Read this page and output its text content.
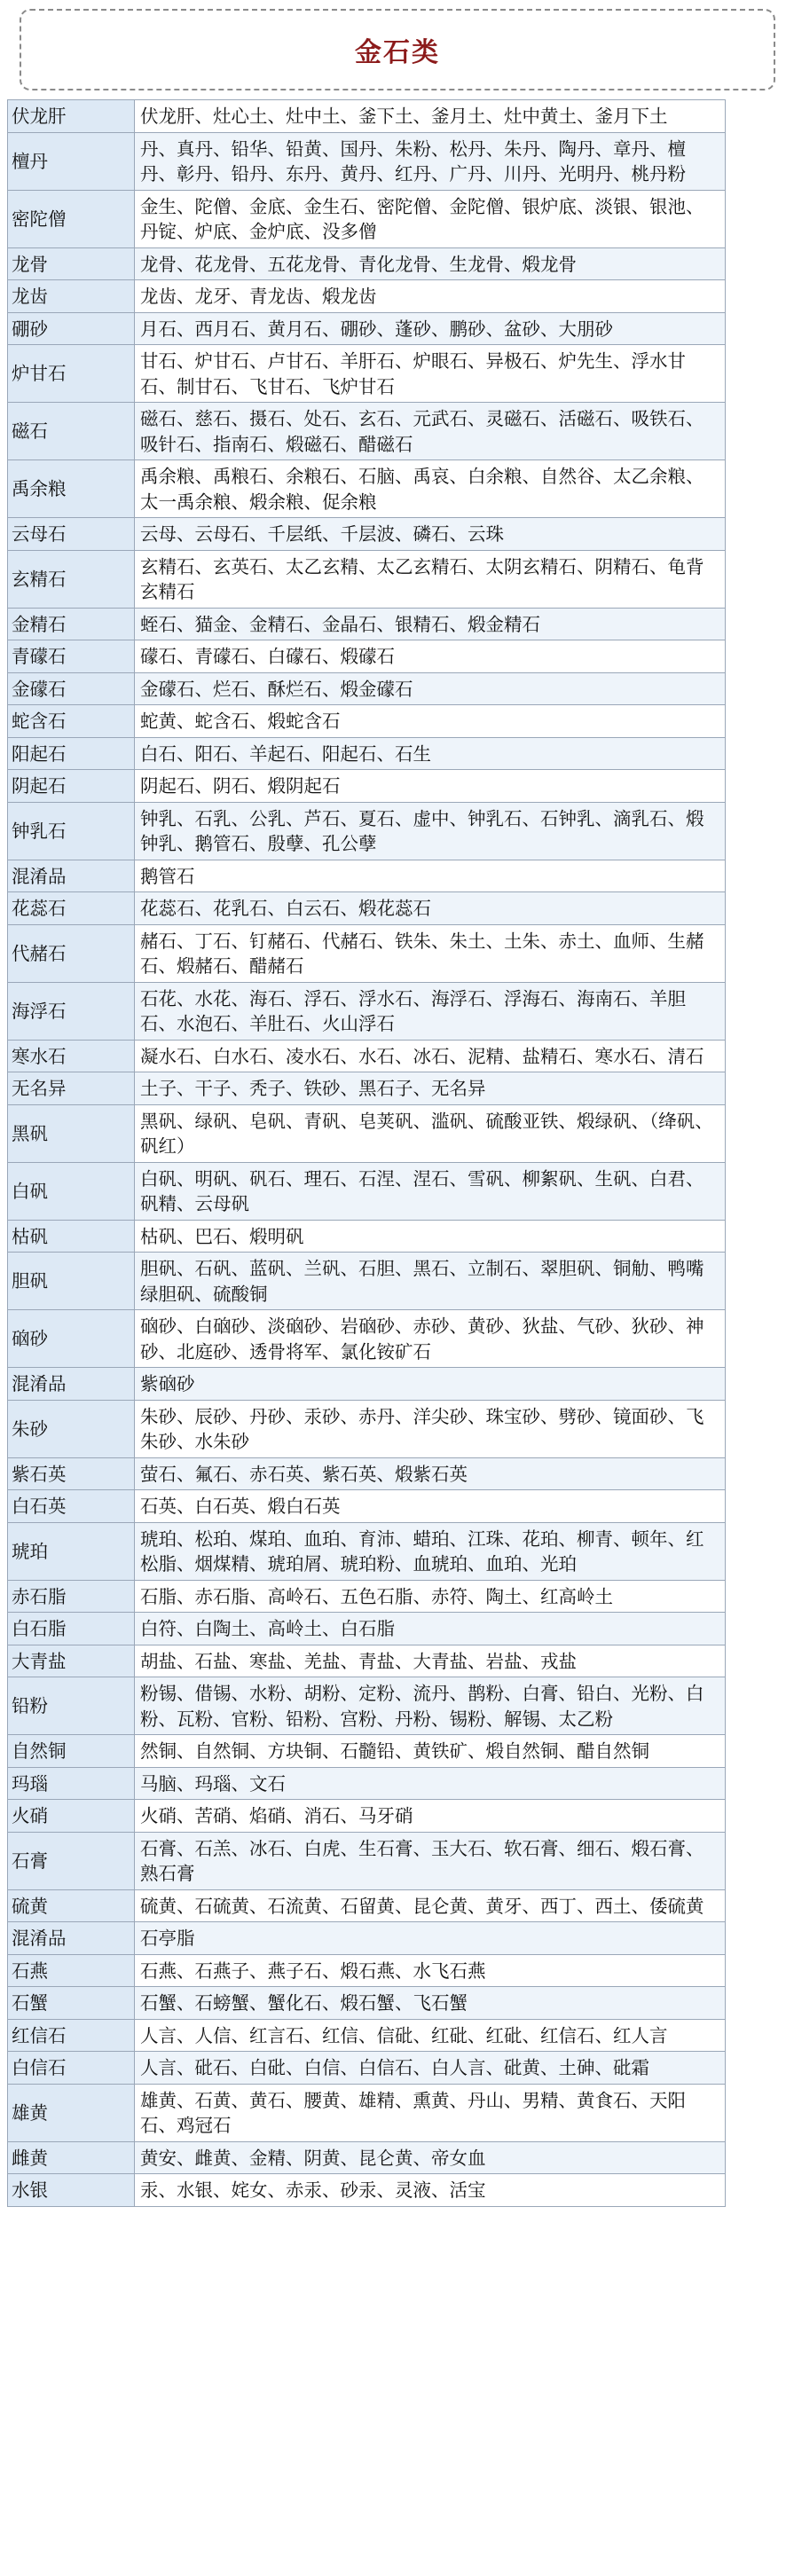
金石类
伏龙肝	伏龙肝、灶心土、灶中土、釜下土、釜月土、灶中黄土、釜月下土
檀丹	丹、真丹、铅华、铅黄、国丹、朱粉、松丹、朱丹、陶丹、章丹、檀丹、彰丹、铅丹、东丹、黄丹、红丹、广丹、川丹、光明丹、桃丹粉
密陀僧	金生、陀僧、金底、金生石、密陀僧、金陀僧、银炉底、淡银、银池、丹锭、炉底、金炉底、没多僧
龙骨	龙骨、花龙骨、五花龙骨、青化龙骨、生龙骨、煅龙骨
龙齿	龙齿、龙牙、青龙齿、煅龙齿
硼砂	月石、西月石、黄月石、硼砂、蓬砂、鹏砂、盆砂、大朋砂
炉甘石	甘石、炉甘石、卢甘石、羊肝石、炉眼石、异极石、炉先生、浮水甘石、制甘石、飞甘石、飞炉甘石
磁石	磁石、慈石、摄石、处石、玄石、元武石、灵磁石、活磁石、吸铁石、吸针石、指南石、煅磁石、醋磁石
禹余粮	禹余粮、禹粮石、余粮石、石脑、禹哀、白余粮、自然谷、太乙余粮、太一禹余粮、煅余粮、促余粮
云母石	云母、云母石、千层纸、千层波、磷石、云珠
玄精石	玄精石、玄英石、太乙玄精、太乙玄精石、太阴玄精石、阴精石、龟背玄精石
金精石	蛭石、猫金、金精石、金晶石、银精石、煅金精石
青礞石	礞石、青礞石、白礞石、煅礞石
金礞石	金礞石、烂石、酥烂石、煅金礞石
蛇含石	蛇黄、蛇含石、煅蛇含石
阳起石	白石、阳石、羊起石、阳起石、石生
阴起石	阴起石、阴石、煅阴起石
钟乳石	钟乳、石乳、公乳、芦石、夏石、虚中、钟乳石、石钟乳、滴乳石、煅钟乳、鹅管石、殷孽、孔公孽
混淆品	鹅管石
花蕊石	花蕊石、花乳石、白云石、煅花蕊石
代赭石	赭石、丁石、钉赭石、代赭石、铁朱、朱土、土朱、赤土、血师、生赭石、煅赭石、醋赭石
海浮石	石花、水花、海石、浮石、浮水石、海浮石、浮海石、海南石、羊胆石、水泡石、羊肚石、火山浮石
寒水石	凝水石、白水石、凌水石、水石、冰石、泥精、盐精石、寒水石、清石
无名异	土子、干子、秃子、铁砂、黑石子、无名异
黑矾	黑矾、绿矾、皂矾、青矾、皂荚矾、滥矾、硫酸亚铁、煅绿矾、（绛矾、矾红）
白矾	白矾、明矾、矾石、理石、石涅、涅石、雪矾、柳絮矾、生矾、白君、矾精、云母矾
枯矾	枯矾、巴石、煅明矾
胆矾	胆矾、石矾、蓝矾、兰矾、石胆、黑石、立制石、翠胆矾、铜觔、鸭嘴绿胆矾、硫酸铜
硇砂	硇砂、白硇砂、淡硇砂、岩硇砂、赤砂、黄砂、狄盐、气砂、狄砂、神砂、北庭砂、透骨将军、氯化铵矿石
混淆品	紫硇砂
朱砂	朱砂、辰砂、丹砂、汞砂、赤丹、洋尖砂、珠宝砂、劈砂、镜面砂、飞朱砂、水朱砂
紫石英	萤石、氟石、赤石英、紫石英、煅紫石英
白石英	石英、白石英、煅白石英
琥珀	琥珀、松珀、煤珀、血珀、育沛、蜡珀、江珠、花珀、柳青、顿年、红松脂、烟煤精、琥珀屑、琥珀粉、血琥珀、血珀、光珀
赤石脂	石脂、赤石脂、高岭石、五色石脂、赤符、陶土、红高岭土
白石脂	白符、白陶土、高岭土、白石脂
大青盐	胡盐、石盐、寒盐、羌盐、青盐、大青盐、岩盐、戎盐
铅粉	粉锡、借锡、水粉、胡粉、定粉、流丹、鹊粉、白膏、铅白、光粉、白粉、瓦粉、官粉、铅粉、宫粉、丹粉、锡粉、解锡、太乙粉
自然铜	然铜、自然铜、方块铜、石髓铅、黄铁矿、煅自然铜、醋自然铜
玛瑙	马脑、玛瑙、文石
火硝	火硝、苦硝、焰硝、消石、马牙硝
石膏	石膏、石羔、冰石、白虎、生石膏、玉大石、软石膏、细石、煅石膏、熟石膏
硫黄	硫黄、石硫黄、石流黄、石留黄、昆仑黄、黄牙、西丁、西土、倭硫黄
混淆品	石亭脂
石燕	石燕、石燕子、燕子石、煅石燕、水飞石燕
石蟹	石蟹、石螃蟹、蟹化石、煅石蟹、飞石蟹
红信石	人言、人信、红言石、红信、信砒、红砒、红砒、红信石、红人言
白信石	人言、砒石、白砒、白信、白信石、白人言、砒黄、土砷、砒霜
雄黄	雄黄、石黄、黄石、腰黄、雄精、熏黄、丹山、男精、黄食石、天阳石、鸡冠石
雌黄	黄安、雌黄、金精、阴黄、昆仑黄、帝女血
水银	汞、水银、姹女、赤汞、砂汞、灵液、活宝
